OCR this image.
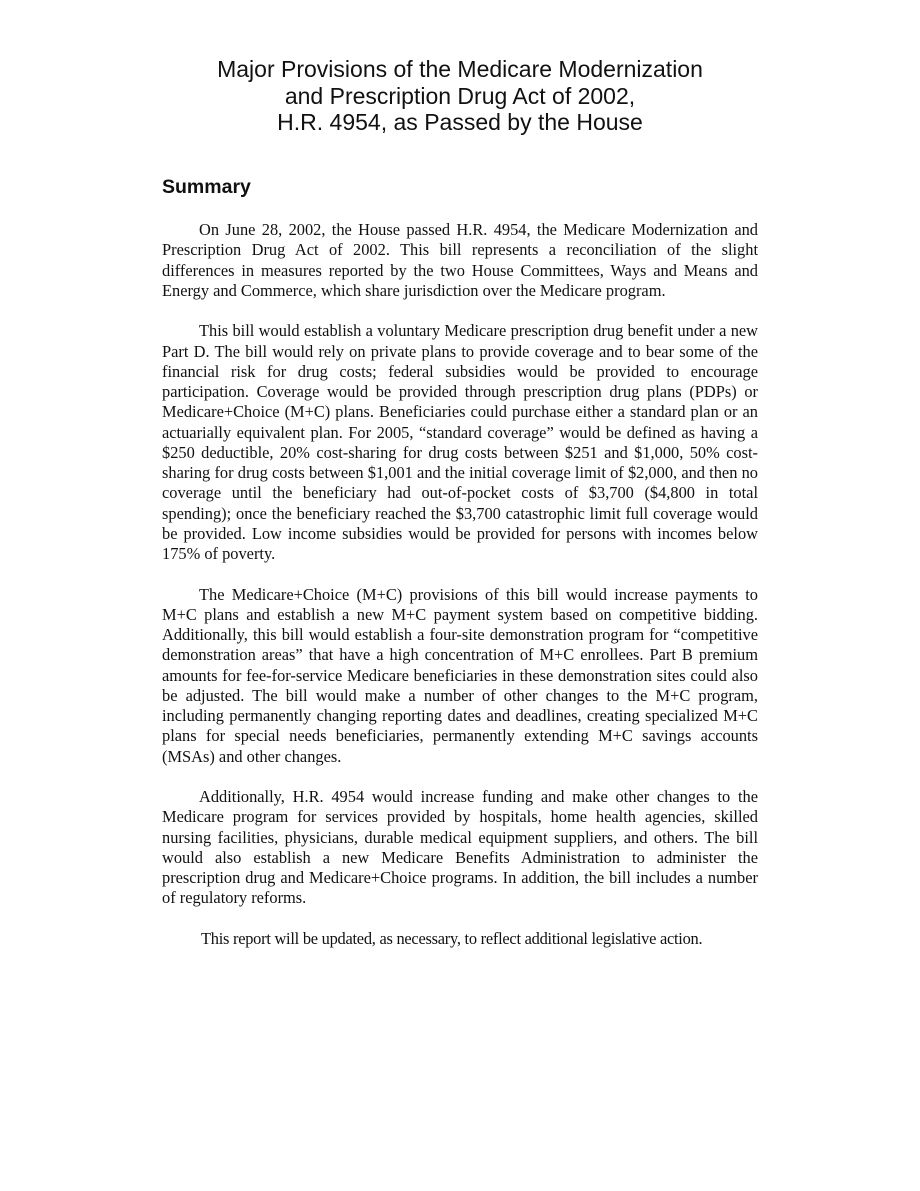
Major Provisions of the Medicare Modernization
and Prescription Drug Act of 2002,
H.R. 4954, as Passed by the House
Summary

On June 28, 2002, the House passed H.R. 4954, the Medicare Modernization and Prescription Drug Act of 2002. This bill represents a reconciliation of the slight differences in measures reported by the two House Committees, Ways and Means and Energy and Commerce, which share jurisdiction over the Medicare program.

This bill would establish a voluntary Medicare prescription drug benefit under a new Part D. The bill would rely on private plans to provide coverage and to bear some of the financial risk for drug costs; federal subsidies would be provided to encourage participation. Coverage would be provided through prescription drug plans (PDPs) or Medicare+Choice (M+C) plans. Beneficiaries could purchase either a standard plan or an actuarially equivalent plan. For 2005, “standard coverage” would be defined as having a $250 deductible, 20% cost-sharing for drug costs between $251 and $1,000, 50% cost-sharing for drug costs between $1,001 and the initial coverage limit of $2,000, and then no coverage until the beneficiary had out-of-pocket costs of $3,700 ($4,800 in total spending); once the beneficiary reached the $3,700 catastrophic limit full coverage would be provided. Low income subsidies would be provided for persons with incomes below 175% of poverty.

The Medicare+Choice (M+C) provisions of this bill would increase payments to M+C plans and establish a new M+C payment system based on competitive bidding. Additionally, this bill would establish a four-site demonstration program for “competitive demonstration areas” that have a high concentration of M+C enrollees. Part B premium amounts for fee-for-service Medicare beneficiaries in these demonstration sites could also be adjusted. The bill would make a number of other changes to the M+C program, including permanently changing reporting dates and deadlines, creating specialized M+C plans for special needs beneficiaries, permanently extending M+C savings accounts (MSAs) and other changes.

Additionally, H.R. 4954 would increase funding and make other changes to the Medicare program for services provided by hospitals, home health agencies, skilled nursing facilities, physicians, durable medical equipment suppliers, and others. The bill would also establish a new Medicare Benefits Administration to administer the prescription drug and Medicare+Choice programs. In addition, the bill includes a number of regulatory reforms.

This report will be updated, as necessary, to reflect additional legislative action.
